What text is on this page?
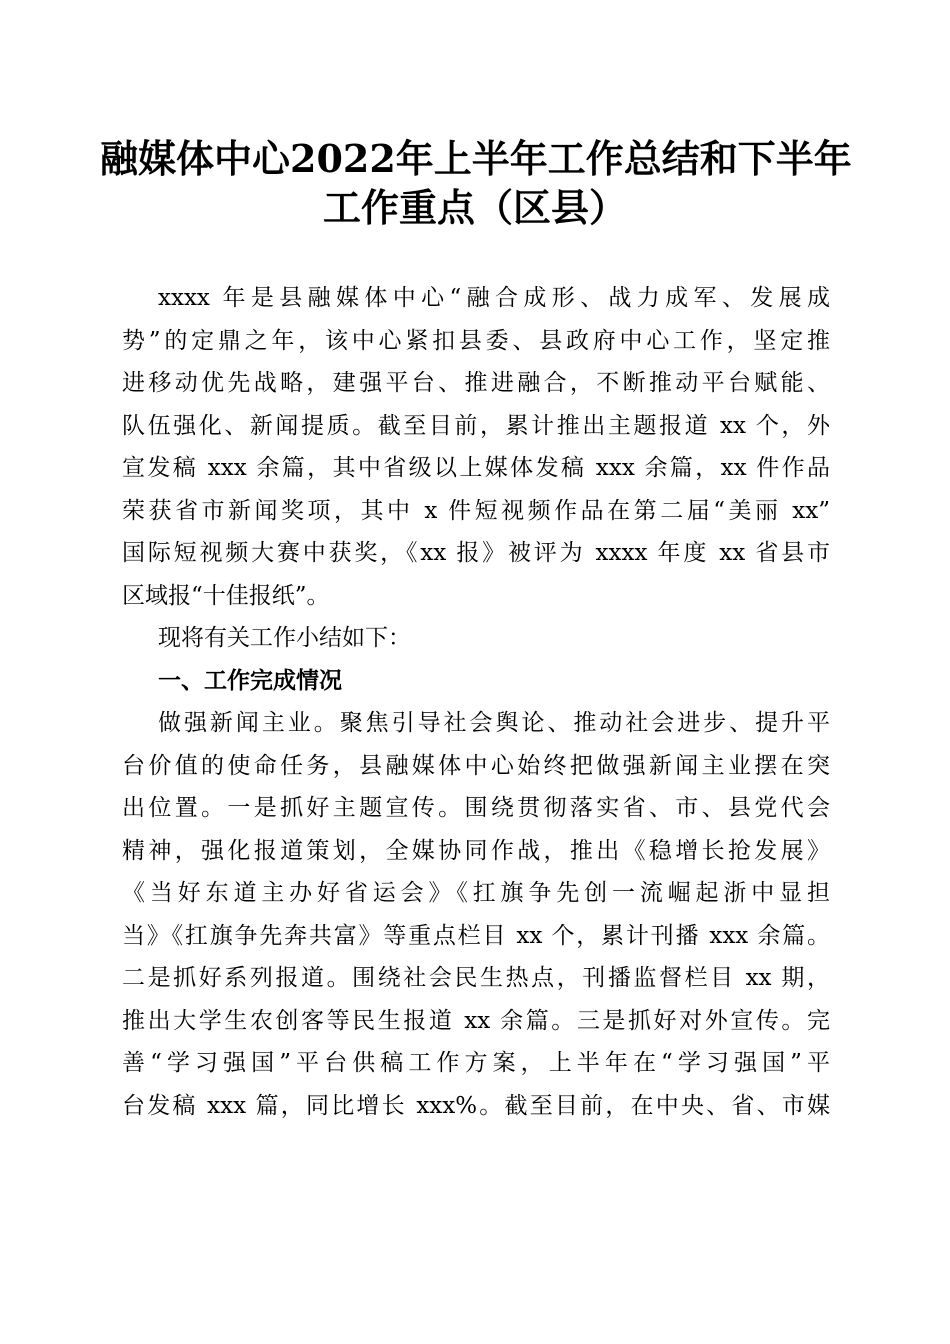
融媒体中心2022年上半年工作总结和下半年
工作重点（区县）
xxxx 年是县融媒体中心“融合成形、战力成军、发展成
势”的定鼎之年，该中心紧扣县委、县政府中心工作，坚定推
进移动优先战略，建强平台、推进融合，不断推动平台赋能、
队伍强化、新闻提质。截至目前，累计推出主题报道 xx 个，外
宣发稿 xxx 余篇，其中省级以上媒体发稿 xxx 余篇，xx 件作品
荣获省市新闻奖项，其中 x 件短视频作品在第二届“美丽 xx”
国际短视频大赛中获奖，《xx 报》被评为 xxxx 年度 xx 省县市
区域报“十佳报纸”。
现将有关工作小结如下：
一、工作完成情况
做强新闻主业。聚焦引导社会舆论、推动社会进步、提升平
台价值的使命任务，县融媒体中心始终把做强新闻主业摆在突
出位置。一是抓好主题宣传。围绕贯彻落实省、市、县党代会
精神，强化报道策划，全媒协同作战，推出《稳增长抢发展》
《当好东道主办好省运会》《扛旗争先创一流崛起浙中显担
当》《扛旗争先奔共富》等重点栏目 xx 个，累计刊播 xxx 余篇。
二是抓好系列报道。围绕社会民生热点，刊播监督栏目 xx 期，
推出大学生农创客等民生报道 xx 余篇。三是抓好对外宣传。完
善“学习强国”平台供稿工作方案，上半年在“学习强国”平
台发稿 xxx 篇，同比增长 xxx%。截至目前，在中央、省、市媒
